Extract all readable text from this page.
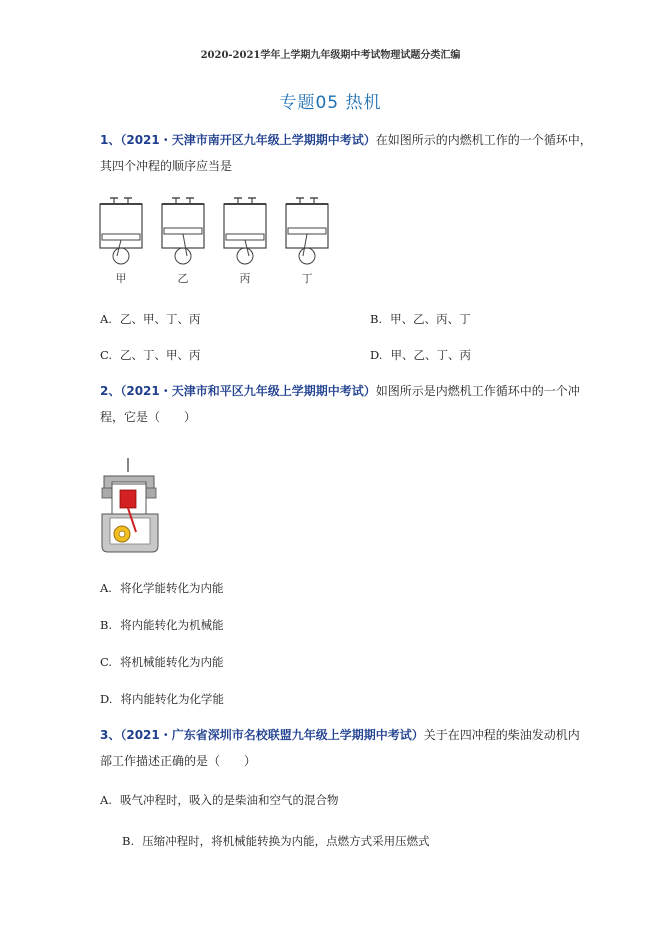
2020-2021学年上学期九年级期中考试物理试题分类汇编
专题05 热机
1、（2021・天津市南开区九年级上学期期中考试）在如图所示的内燃机工作的一个循环中，
其四个冲程的顺序应当是
甲	乙	丙	丁
A. 乙、甲、丁、丙	B. 甲、乙、丙、丁
C. 乙、丁、甲、丙	D. 甲、乙、丁、丙
2、（2021・天津市和平区九年级上学期期中考试）如图所示是内燃机工作循环中的一个冲
程，它是（　　）
A. 将化学能转化为内能
B. 将内能转化为机械能
C. 将机械能转化为内能
D. 将内能转化为化学能
3、（2021・广东省深圳市名校联盟九年级上学期期中考试）关于在四冲程的柴油发动机内
部工作描述正确的是（　　）
A. 吸气冲程时，吸入的是柴油和空气的混合物
B. 压缩冲程时，将机械能转换为内能，点燃方式采用压燃式
